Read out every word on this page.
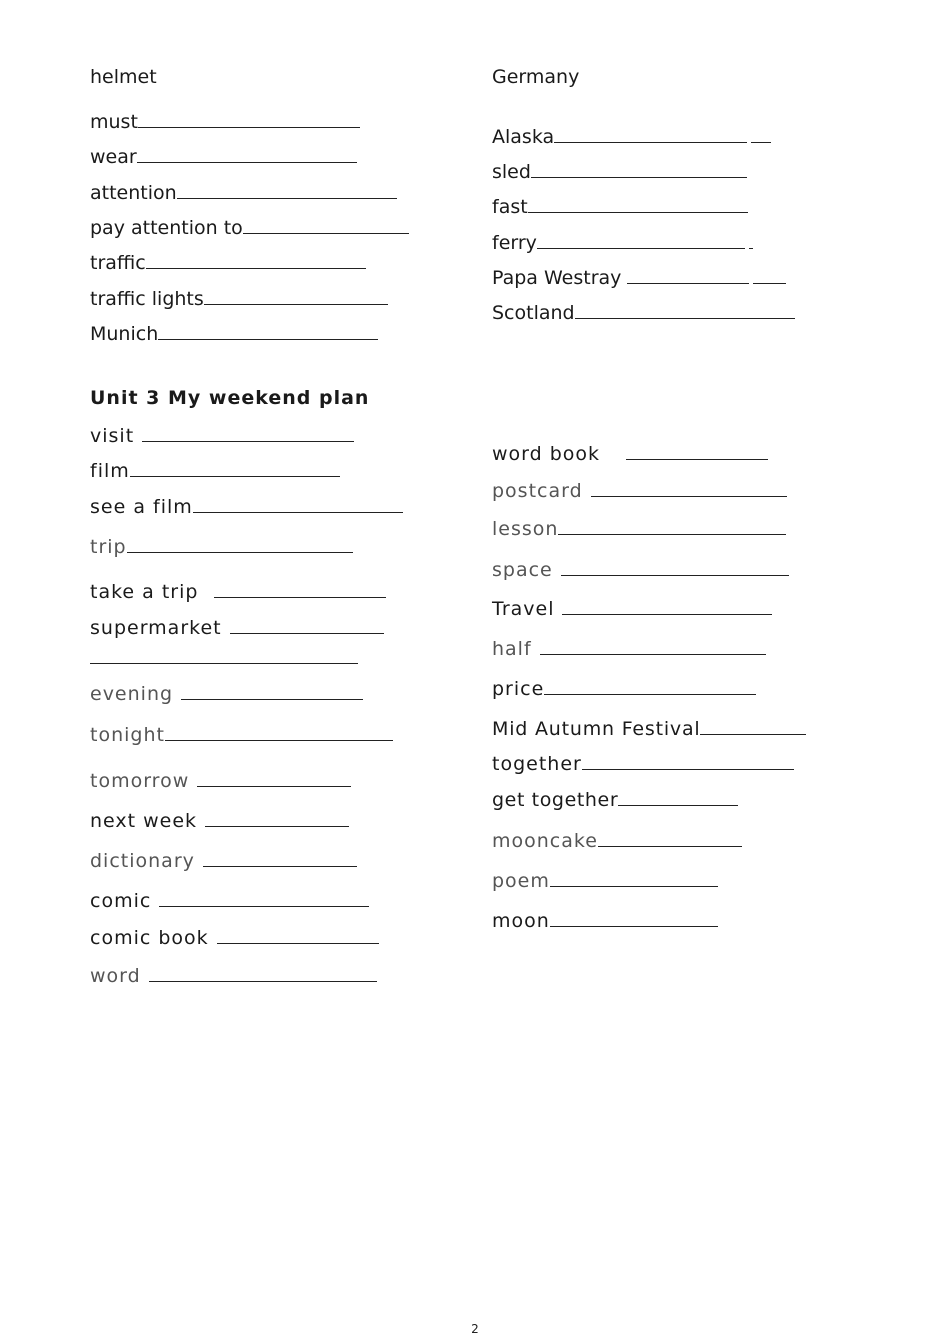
helmet
must
wear
attention
pay attention to
traffic
traffic lights
Munich
Germany
Alaska
sled
fast
ferry
Papa Westray
Scotland
Unit 3 My weekend plan
visit
film
see a film
trip
take a trip
supermarket
evening
tonight
tomorrow
next week
dictionary
comic
comic book
word
word book
postcard
lesson
space
Travel
half
price
Mid Autumn Festival
together
get together
mooncake
poem
moon
2
